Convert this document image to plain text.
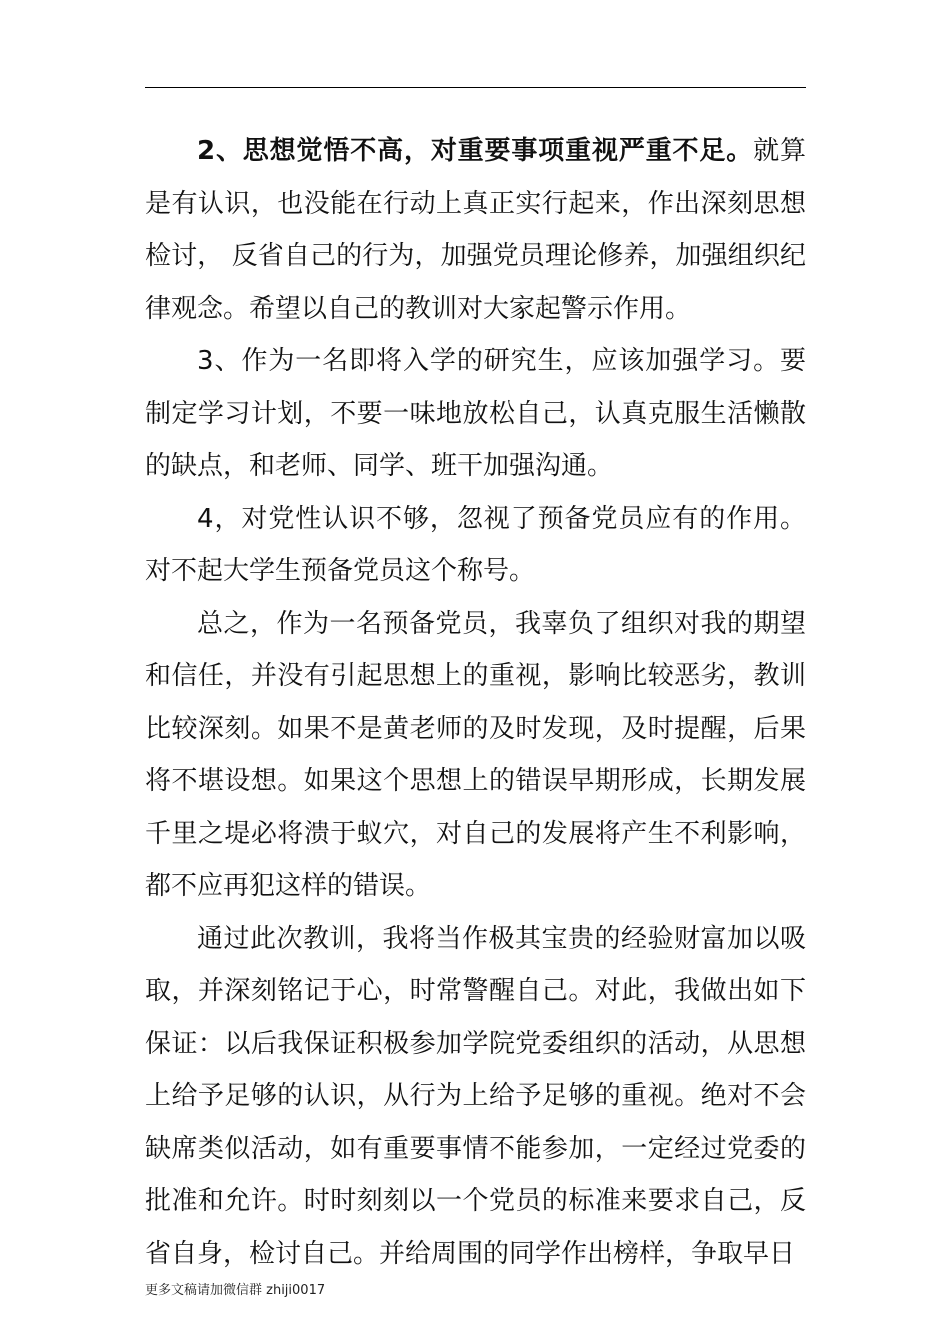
2、思想觉悟不高，对重要事项重视严重不足。就算是有认识，也没能在行动上真正实行起来，作出深刻思想检讨， 反省自己的行为，加强党员理论修养，加强组织纪律观念。希望以自己的教训对大家起警示作用。

3、作为一名即将入学的研究生，应该加强学习。要制定学习计划，不要一味地放松自己，认真克服生活懒散的缺点，和老师、同学、班干加强沟通。

4，对党性认识不够，忽视了预备党员应有的作用。对不起大学生预备党员这个称号。

总之，作为一名预备党员，我辜负了组织对我的期望和信任，并没有引起思想上的重视，影响比较恶劣，教训比较深刻。如果不是黄老师的及时发现，及时提醒，后果将不堪设想。如果这个思想上的错误早期形成，长期发展千里之堤必将溃于蚁穴，对自己的发展将产生不利影响，都不应再犯这样的错误。

通过此次教训，我将当作极其宝贵的经验财富加以吸取，并深刻铭记于心，时常警醒自己。对此，我做出如下保证：以后我保证积极参加学院党委组织的活动，从思想上给予足够的认识，从行为上给予足够的重视。绝对不会缺席类似活动，如有重要事情不能参加，一定经过党委的批准和允许。时时刻刻以一个党员的标准来要求自己，反省自身，检讨自己。并给周围的同学作出榜样，争取早日

更多文稿请加微信群 zhiji0017
